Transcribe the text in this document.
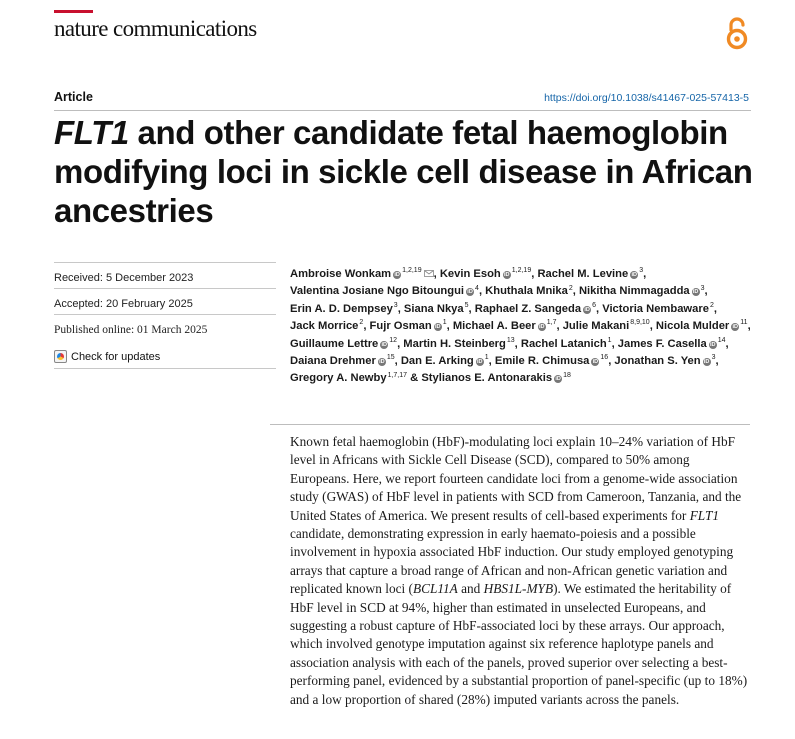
nature communications
Article	https://doi.org/10.1038/s41467-025-57413-5
FLT1 and other candidate fetal haemoglobin modifying loci in sickle cell disease in African ancestries
Received: 5 December 2023
Accepted: 20 February 2025
Published online: 01 March 2025
Check for updates
Ambroise Wonkam iD$^{1,2,19}$ , Kevin Esoh iD$^{1,2,19}$, Rachel M. Levine $iD^3$, Valentina Josiane Ngo Bitoungui $iD^4$, Khuthala Mnika$^2$, Nikitha Nimmagadda $iD^3$, Erin A. D. Dempsey$^3$, Siana Nkya$^5$, Raphael Z. Sangeda $iD^6$, Victoria Nembaware$^2$, Jack Morrice$^2$, Fujr Osman $iD^1$, Michael A. Beer iD$^{1,7}$, Julie Makani$^{8,9,10}$, Nicola Mulder $iD^{11}$, Guillaume Lettre $iD^{12}$, Martin H. Steinberg$^{13}$, Rachel Latanich$^1$, James F. Casella $iD^{14}$, Daiana Drehmer $iD^{15}$, Dan E. Arking $iD^1$, Emile R. Chimusa $iD^{16}$, Jonathan S. Yen $iD^3$, Gregory A. Newby$^{1,7,17}$ & Stylianos E. Antonarakis $iD^{18}$

Known fetal haemoglobin (HbF)-modulating loci explain 10–24% variation of HbF level in Africans with Sickle Cell Disease (SCD), compared to 50% among Europeans. Here, we report fourteen candidate loci from a genome-wide association study (GWAS) of HbF level in patients with SCD from Cameroon, Tanzania, and the United States of America. We present results of cell-based experiments for FLT1 candidate, demonstrating expression in early haemato-poiesis and a possible involvement in hypoxia associated HbF induction. Our study employed genotyping arrays that capture a broad range of African and non-African genetic variation and replicated known loci (BCL11A and HBS1L-MYB). We estimated the heritability of HbF level in SCD at 94%, higher than estimated in unselected Europeans, and suggesting a robust capture of HbF-associated loci by these arrays. Our approach, which involved genotype imputation against six reference haplotype panels and association analysis with each of the panels, proved superior over selecting a best-performing panel, evidenced by a substantial proportion of panel-specific (up to 18%) and a low proportion of shared (28%) imputed variants across the panels.
